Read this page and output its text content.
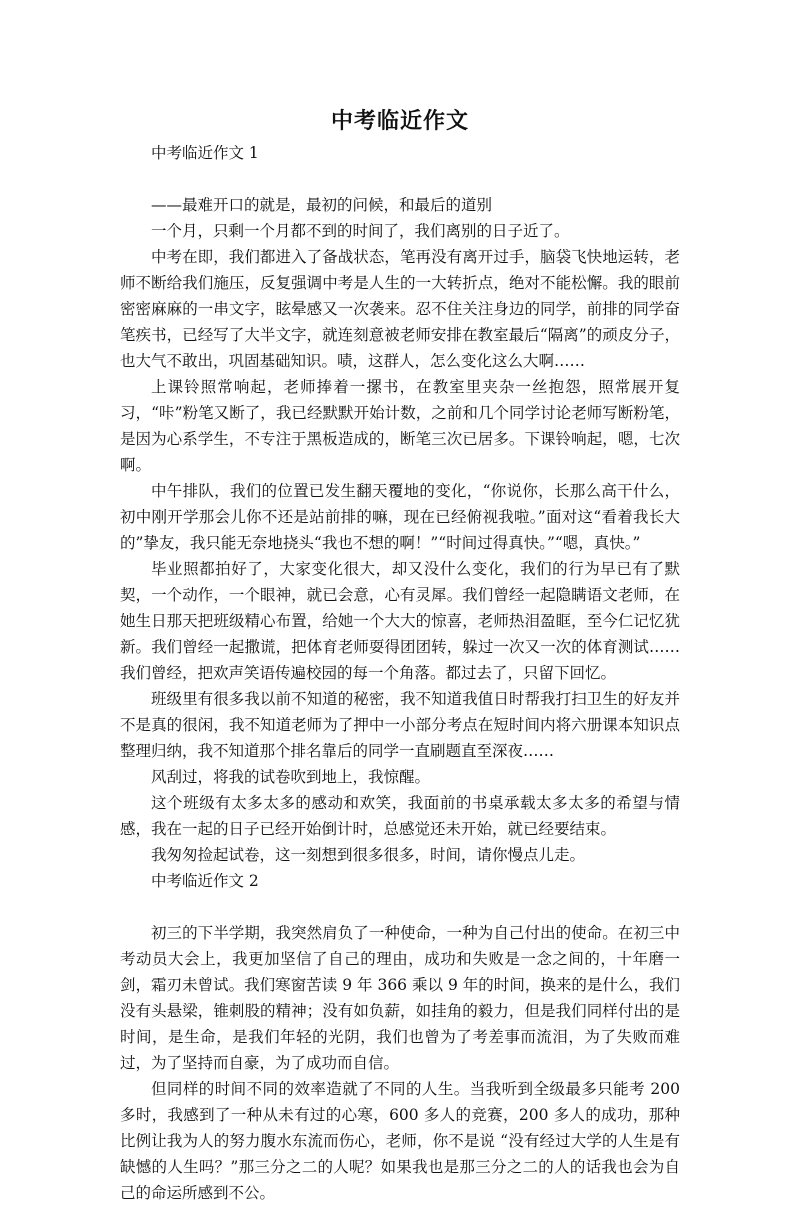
中考临近作文

中考临近作文 1

——最难开口的就是，最初的问候，和最后的道别

一个月，只剩一个月都不到的时间了，我们离别的日子近了。

中考在即，我们都进入了备战状态，笔再没有离开过手，脑袋飞快地运转，老师不断给我们施压，反复强调中考是人生的一大转折点，绝对不能松懈。我的眼前密密麻麻的一串文字，眩晕感又一次袭来。忍不住关注身边的同学，前排的同学奋笔疾书，已经写了大半文字，就连刻意被老师安排在教室最后“隔离”的顽皮分子，也大气不敢出，巩固基础知识。啧，这群人，怎么变化这么大啊……

上课铃照常响起，老师捧着一摞书，在教室里夹杂一丝抱怨，照常展开复习，“咔”粉笔又断了，我已经默默开始计数，之前和几个同学讨论老师写断粉笔，是因为心系学生，不专注于黑板造成的，断笔三次已居多。下课铃响起，嗯，七次啊。

中午排队，我们的位置已发生翻天覆地的变化，“你说你，长那么高干什么，初中刚开学那会儿你不还是站前排的嘛，现在已经俯视我啦。”面对这“看着我长大的”挚友，我只能无奈地挠头“我也不想的啊！”“时间过得真快。”“嗯，真快。”

毕业照都拍好了，大家变化很大，却又没什么变化，我们的行为早已有了默契，一个动作，一个眼神，就已会意，心有灵犀。我们曾经一起隐瞒语文老师，在她生日那天把班级精心布置，给她一个大大的惊喜，老师热泪盈眶，至今仁记忆犹新。我们曾经一起撒谎，把体育老师耍得团团转，躲过一次又一次的体育测试……我们曾经，把欢声笑语传遍校园的每一个角落。都过去了，只留下回忆。

班级里有很多我以前不知道的秘密，我不知道我值日时帮我打扫卫生的好友并不是真的很闲，我不知道老师为了押中一小部分考点在短时间内将六册课本知识点整理归纳，我不知道那个排名靠后的同学一直刷题直至深夜……

风刮过，将我的试卷吹到地上，我惊醒。

这个班级有太多太多的感动和欢笑，我面前的书桌承载太多太多的希望与情感，我在一起的日子已经开始倒计时，总感觉还未开始，就已经要结束。

我匆匆捡起试卷，这一刻想到很多很多，时间，请你慢点儿走。

中考临近作文 2

初三的下半学期，我突然肩负了一种使命，一种为自己付出的使命。在初三中考动员大会上，我更加坚信了自己的理由，成功和失败是一念之间的，十年磨一剑，霜刃未曾试。我们寒窗苦读 9 年 366 乘以 9 年的时间，换来的是什么，我们没有头悬梁，锥刺股的精神；没有如负薪，如挂角的毅力，但是我们同样付出的是时间，是生命，是我们年轻的光阴，我们也曾为了考差事而流泪，为了失败而难过，为了坚持而自豪，为了成功而自信。

但同样的时间不同的效率造就了不同的人生。当我听到全级最多只能考 200 多时，我感到了一种从未有过的心寒，600 多人的竞赛，200 多人的成功，那种比例让我为人的努力腹水东流而伤心，老师，你不是说 “没有经过大学的人生是有缺憾的人生吗？”那三分之二的人呢？如果我也是那三分之二的人的话我也会为自己的命运所感到不公。
